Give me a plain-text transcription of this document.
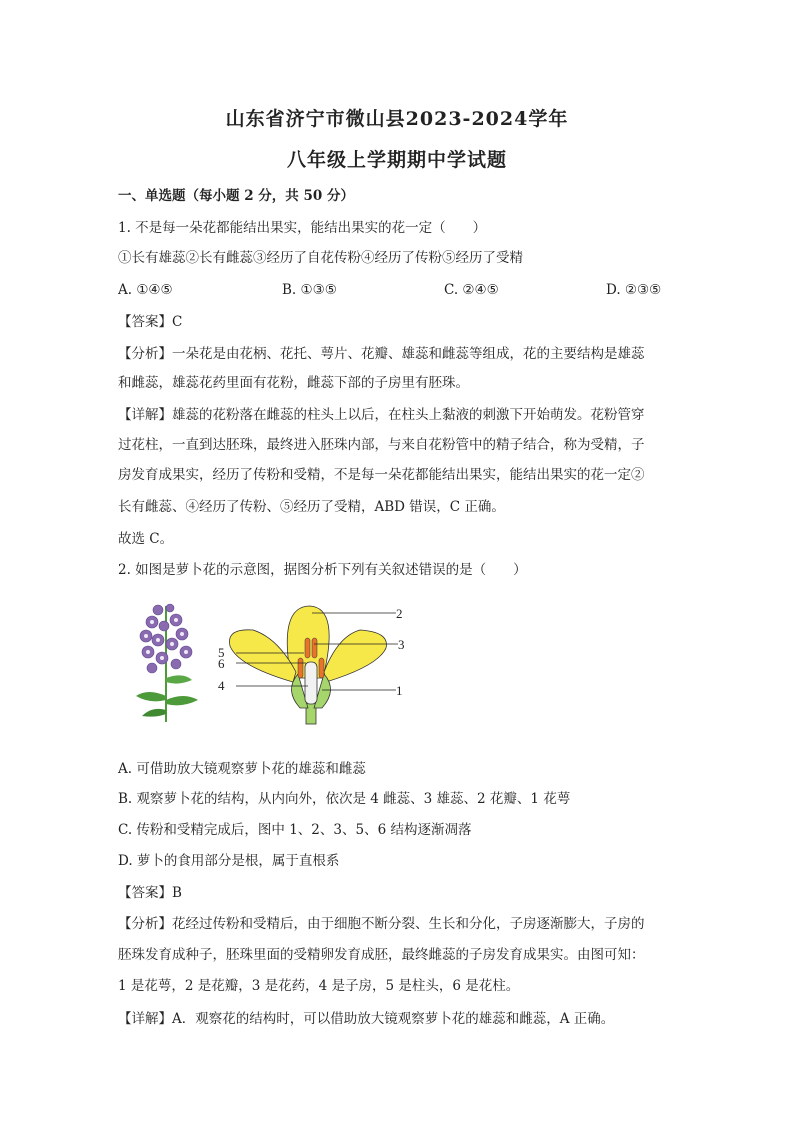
山东省济宁市微山县2023-2024学年
八年级上学期期中学试题
一、单选题（每小题 2 分，共 50 分）
1. 不是每一朵花都能结出果实，能结出果实的花一定（　　）
①长有雄蕊②长有雌蕊③经历了自花传粉④经历了传粉⑤经历了受精
A. ①④⑤	B. ①③⑤	C. ②④⑤	D. ②③⑤
【答案】C
【分析】一朵花是由花柄、花托、萼片、花瓣、雄蕊和雌蕊等组成，花的主要结构是雄蕊
和雌蕊，雄蕊花药里面有花粉，雌蕊下部的子房里有胚珠。
【详解】雄蕊的花粉落在雌蕊的柱头上以后，在柱头上黏液的刺激下开始萌发。花粉管穿
过花柱，一直到达胚珠，最终进入胚珠内部，与来自花粉管中的精子结合，称为受精，子
房发育成果实，经历了传粉和受精，不是每一朵花都能结出果实，能结出果实的花一定②
长有雌蕊、④经历了传粉、⑤经历了受精，ABD 错误，C 正确。
故选 C。
2. 如图是萝卜花的示意图，据图分析下列有关叙述错误的是（　　）
2
3
5
6
4	1
A. 可借助放大镜观察萝卜花的雄蕊和雌蕊
B. 观察萝卜花的结构，从内向外，依次是 4 雌蕊、3 雄蕊、2 花瓣、1 花萼
C. 传粉和受精完成后，图中 1、2、3、5、6 结构逐渐凋落
D. 萝卜的食用部分是根，属于直根系
【答案】B
【分析】花经过传粉和受精后，由于细胞不断分裂、生长和分化，子房逐渐膨大，子房的
胚珠发育成种子，胚珠里面的受精卵发育成胚，最终雌蕊的子房发育成果实。由图可知：
1 是花萼，2 是花瓣，3 是花药，4 是子房，5 是柱头，6 是花柱。
【详解】A．观察花的结构时，可以借助放大镜观察萝卜花的雄蕊和雌蕊，A 正确。
